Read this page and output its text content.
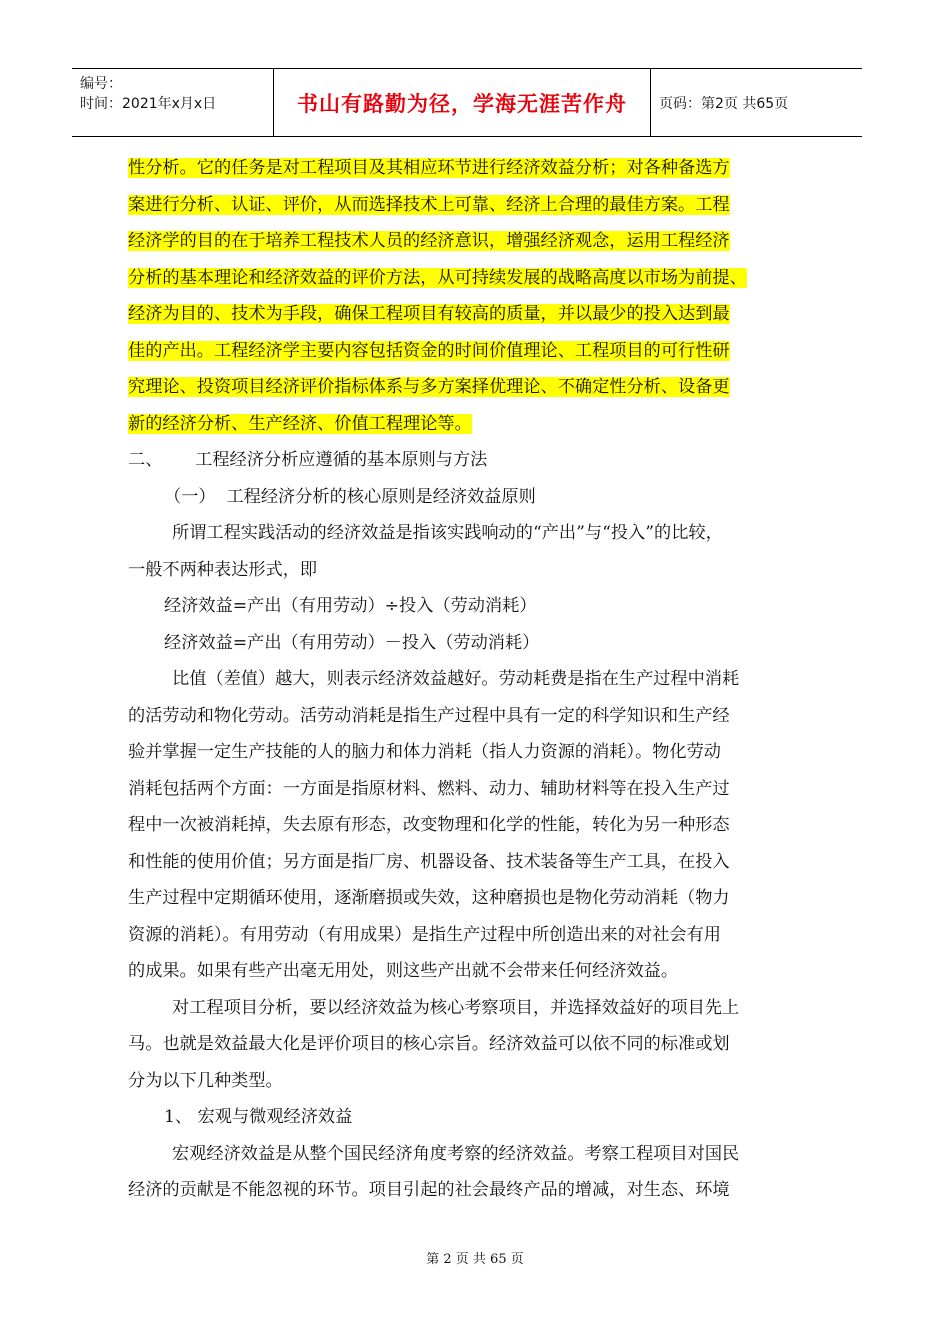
编号：
时间：2021年x月x日	书山有路勤为径，学海无涯苦作舟	页码：第2页 共65页

性分析。它的任务是对工程项目及其相应环节进行经济效益分析；对各种备选方
案进行分析、认证、评价，从而选择技术上可靠、经济上合理的最佳方案。工程
经济学的目的在于培养工程技术人员的经济意识，增强经济观念，运用工程经济
分析的基本理论和经济效益的评价方法，从可持续发展的战略高度以市场为前提、
经济为目的、技术为手段，确保工程项目有较高的质量，并以最少的投入达到最
佳的产出。工程经济学主要内容包括资金的时间价值理论、工程项目的可行性研
究理论、投资项目经济评价指标体系与多方案择优理论、不确定性分析、设备更
新的经济分析、生产经济、价值工程理论等。

二、      工程经济分析应遵循的基本原则与方法

（一）  工程经济分析的核心原则是经济效益原则

所谓工程实践活动的经济效益是指该实践响动的“产出”与“投入”的比较，
一般不两种表达形式，即

经济效益=产出（有用劳动）÷投入（劳动消耗）

经济效益=产出（有用劳动）－投入（劳动消耗）

比值（差值）越大，则表示经济效益越好。劳动耗费是指在生产过程中消耗
的活劳动和物化劳动。活劳动消耗是指生产过程中具有一定的科学知识和生产经
验并掌握一定生产技能的人的脑力和体力消耗（指人力资源的消耗）。物化劳动
消耗包括两个方面：一方面是指原材料、燃料、动力、辅助材料等在投入生产过
程中一次被消耗掉，失去原有形态，改变物理和化学的性能，转化为另一种形态
和性能的使用价值；另方面是指厂房、机器设备、技术装备等生产工具，在投入
生产过程中定期循环使用，逐渐磨损或失效，这种磨损也是物化劳动消耗（物力
资源的消耗）。有用劳动（有用成果）是指生产过程中所创造出来的对社会有用
的成果。如果有些产出毫无用处，则这些产出就不会带来任何经济效益。

对工程项目分析，要以经济效益为核心考察项目，并选择效益好的项目先上
马。也就是效益最大化是评价项目的核心宗旨。经济效益可以依不同的标准或划
分为以下几种类型。

1、 宏观与微观经济效益

宏观经济效益是从整个国民经济角度考察的经济效益。考察工程项目对国民
经济的贡献是不能忽视的环节。项目引起的社会最终产品的增减，对生态、环境

第 2 页 共 65 页
